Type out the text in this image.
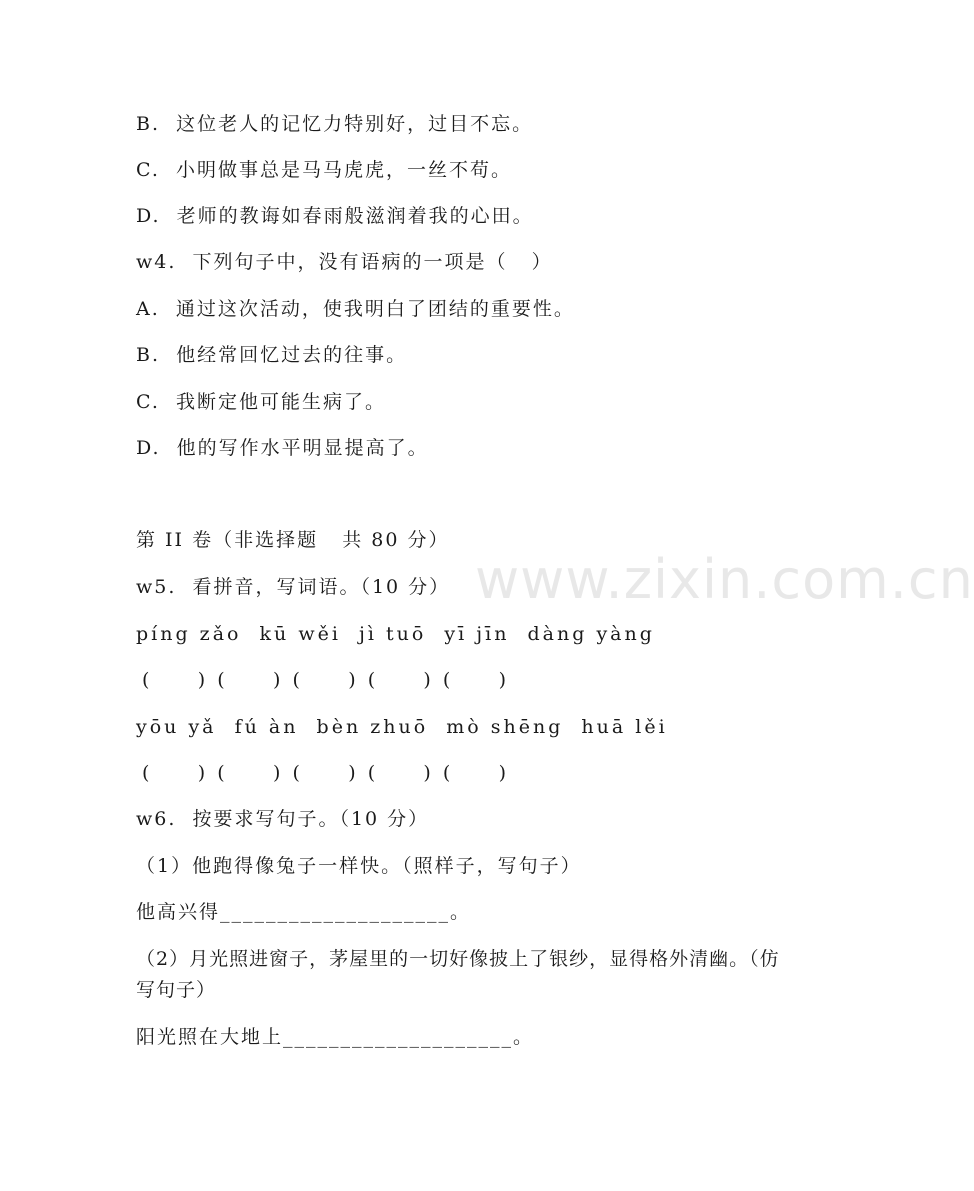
www.zixin.com.cn
B.  这位老人的记忆力特别好，过目不忘。
C.  小明做事总是马马虎虎，一丝不苟。
D.  老师的教诲如春雨般滋润着我的心田。
w4.  下列句子中，没有语病的一项是（   ）
A.  通过这次活动，使我明白了团结的重要性。
B.  他经常回忆过去的往事。
C.  我断定他可能生病了。
D.  他的写作水平明显提高了。
第 II 卷（非选择题   共 80 分）
w5.  看拼音，写词语。（10 分）
píng zǎo  kū wěi  jì tuō  yī jīn  dàng yàng
(        )  (        )  (        )  (        )  (        )
yōu yǎ  fú àn  bèn zhuō  mò shēng  huā lěi
(        )  (        )  (        )  (        )  (        )
w6.  按要求写句子。（10 分）
（1）他跑得像兔子一样快。（照样子，写句子）
他高兴得____________________。
（2）月光照进窗子，茅屋里的一切好像披上了银纱，显得格外清幽。（仿写句子）
阳光照在大地上____________________。
